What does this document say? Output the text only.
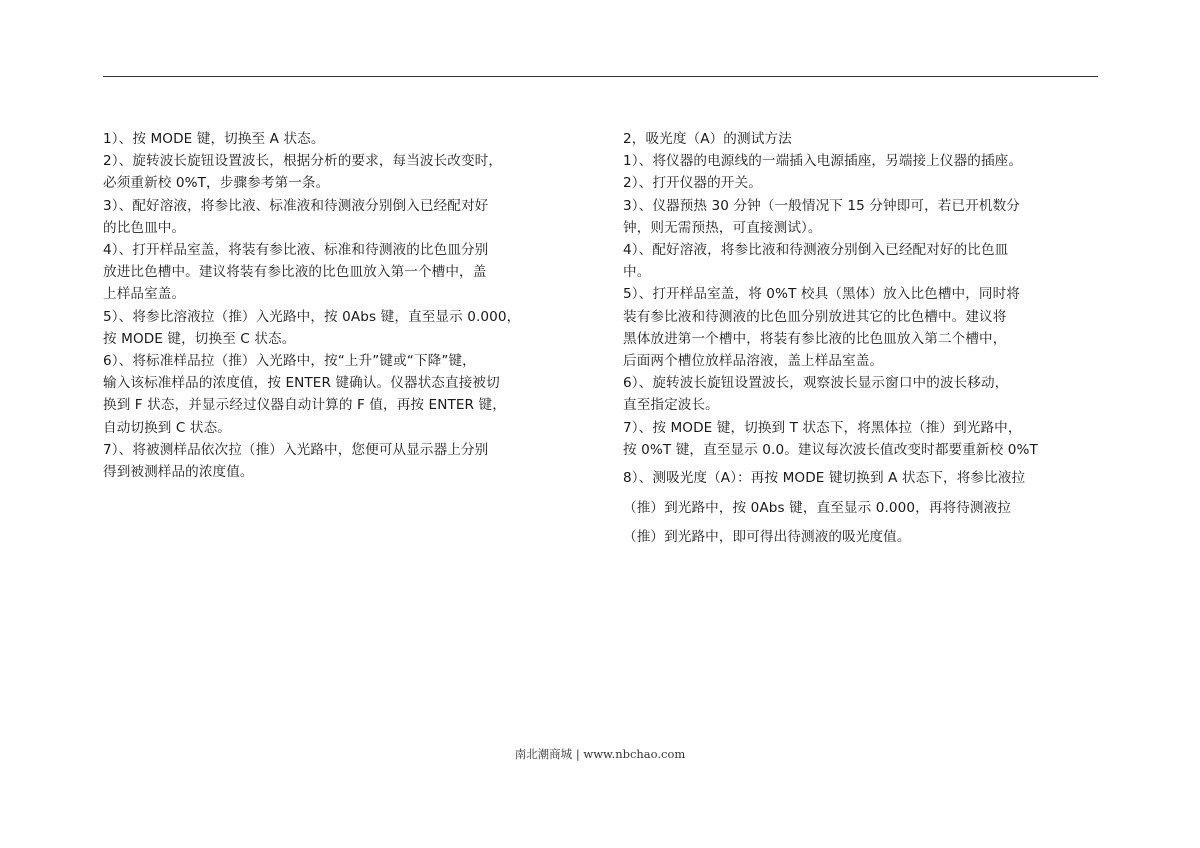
1）、按 MODE 键，切换至 A 状态。

2）、旋转波长旋钮设置波长，根据分析的要求，每当波长改变时，
必须重新校 0%T，步骤参考第一条。

3）、配好溶液，将参比液、标准液和待测液分别倒入已经配对好
的比色皿中。

4）、打开样品室盖，将装有参比液、标准和待测液的比色皿分别
放进比色槽中。建议将装有参比液的比色皿放入第一个槽中，盖
上样品室盖。

5）、将参比溶液拉（推）入光路中，按 0Abs 键，直至显示 0.000，
按 MODE 键，切换至 C 状态。

6）、将标准样品拉（推）入光路中，按“上升”键或“下降”键，
输入该标准样品的浓度值，按 ENTER 键确认。仪器状态直接被切
换到 F 状态，并显示经过仪器自动计算的 F 值，再按 ENTER 键，
自动切换到 C 状态。

7）、将被测样品依次拉（推）入光路中，您便可从显示器上分别
得到被测样品的浓度值。

2，吸光度（A）的测试方法

1）、将仪器的电源线的一端插入电源插座，另端接上仪器的插座。

2）、打开仪器的开关。

3）、仪器预热 30 分钟（一般情况下 15 分钟即可，若已开机数分
钟，则无需预热，可直接测试）。

4）、配好溶液，将参比液和待测液分别倒入已经配对好的比色皿
中。

5）、打开样品室盖，将 0%T 校具（黑体）放入比色槽中，同时将
装有参比液和待测液的比色皿分别放进其它的比色槽中。建议将
黑体放进第一个槽中，将装有参比液的比色皿放入第二个槽中，
后面两个槽位放样品溶液，盖上样品室盖。

6）、旋转波长旋钮设置波长，观察波长显示窗口中的波长移动，
直至指定波长。

7）、按 MODE 键，切换到 T 状态下，将黑体拉（推）到光路中，
按 0%T 键，直至显示 0.0。建议每次波长值改变时都要重新校 0%T

8）、测吸光度（A）：再按 MODE 键切换到 A 状态下，将参比液拉
（推）到光路中，按 0Abs 键，直至显示 0.000，再将待测液拉
（推）到光路中，即可得出待测液的吸光度值。

南北潮商城 | www.nbchao.com
